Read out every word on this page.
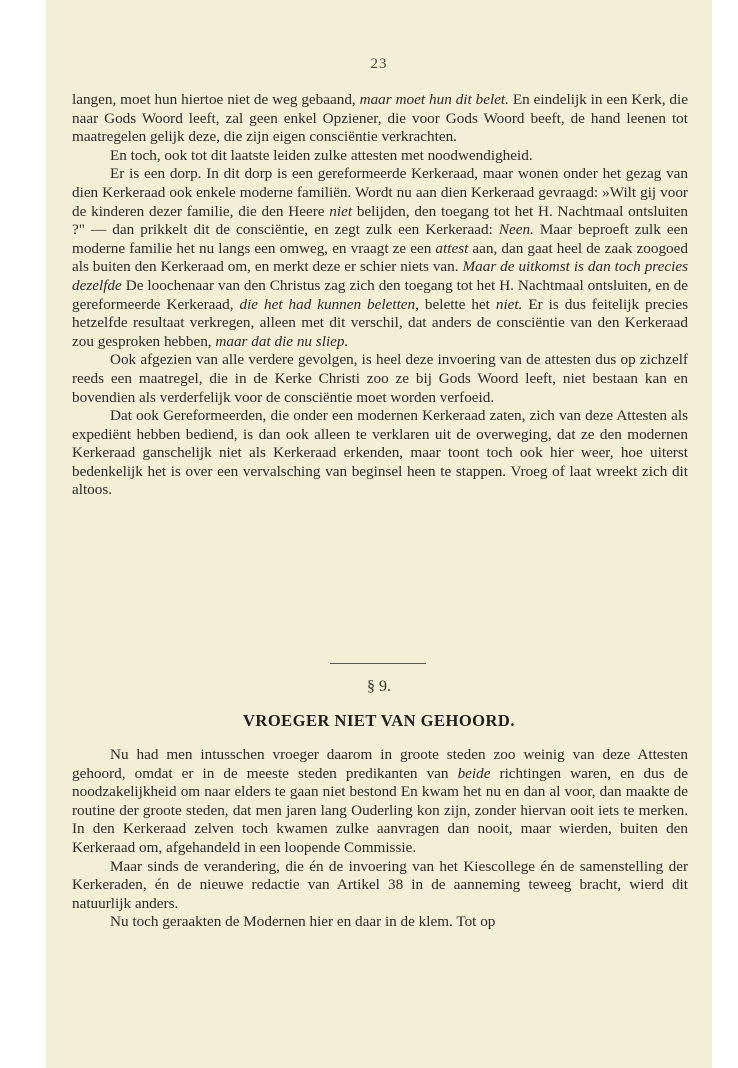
23

langen, moet hun hiertoe niet de weg gebaand, maar moet hun dit belet. En eindelijk in een Kerk, die naar Gods Woord leeft, zal geen enkel Opziener, die voor Gods Woord beeft, de hand leenen tot maatregelen gelijk deze, die zijn eigen consciëntie verkrachten.

En toch, ook tot dit laatste leiden zulke attesten met noodwendigheid.

Er is een dorp. In dit dorp is een gereformeerde Kerkeraad, maar wonen onder het gezag van dien Kerkeraad ook enkele moderne familiën. Wordt nu aan dien Kerkeraad gevraagd: »Wilt gij voor de kinderen dezer familie, die den Heere niet belijden, den toegang tot het H. Nachtmaal ontsluiten ?" — dan prikkelt dit de consciëntie, en zegt zulk een Kerkeraad: Neen. Maar beproeft zulk een moderne familie het nu langs een omweg, en vraagt ze een attest aan, dan gaat heel de zaak zoogoed als buiten den Kerkeraad om, en merkt deze er schier niets van. Maar de uitkomst is dan toch precies dezelfde De loochenaar van den Christus zag zich den toegang tot het H. Nachtmaal ontsluiten, en de gereformeerde Kerkeraad, die het had kunnen beletten, belette het niet. Er is dus feitelijk precies hetzelfde resultaat verkregen, alleen met dit verschil, dat anders de consciëntie van den Kerkeraad zou gesproken hebben, maar dat die nu sliep.

Ook afgezien van alle verdere gevolgen, is heel deze invoering van de attesten dus op zichzelf reeds een maatregel, die in de Kerke Christi zoo ze bij Gods Woord leeft, niet bestaan kan en bovendien als verderfelijk voor de consciëntie moet worden verfoeid.

Dat ook Gereformeerden, die onder een modernen Kerkeraad zaten, zich van deze Attesten als expediënt hebben bediend, is dan ook alleen te verklaren uit de overweging, dat ze den modernen Kerkeraad ganschelijk niet als Kerkeraad erkenden, maar toont toch ook hier weer, hoe uiterst bedenkelijk het is over een vervalsching van beginsel heen te stappen. Vroeg of laat wreekt zich dit altoos.

§ 9.
VROEGER NIET VAN GEHOORD.

Nu had men intusschen vroeger daarom in groote steden zoo weinig van deze Attesten gehoord, omdat er in de meeste steden predikanten van beide richtingen waren, en dus de noodzakelijkheid om naar elders te gaan niet bestond En kwam het nu en dan al voor, dan maakte de routine der groote steden, dat men jaren lang Ouderling kon zijn, zonder hiervan ooit iets te merken. In den Kerkeraad zelven toch kwamen zulke aanvragen dan nooit, maar wierden, buiten den Kerkeraad om, afgehandeld in een loopende Commissie.

Maar sinds de verandering, die én de invoering van het Kiescollege én de samenstelling der Kerkeraden, én de nieuwe redactie van Artikel 38 in de aanneming teweeg bracht, wierd dit natuurlijk anders.

Nu toch geraakten de Modernen hier en daar in de klem. Tot op
